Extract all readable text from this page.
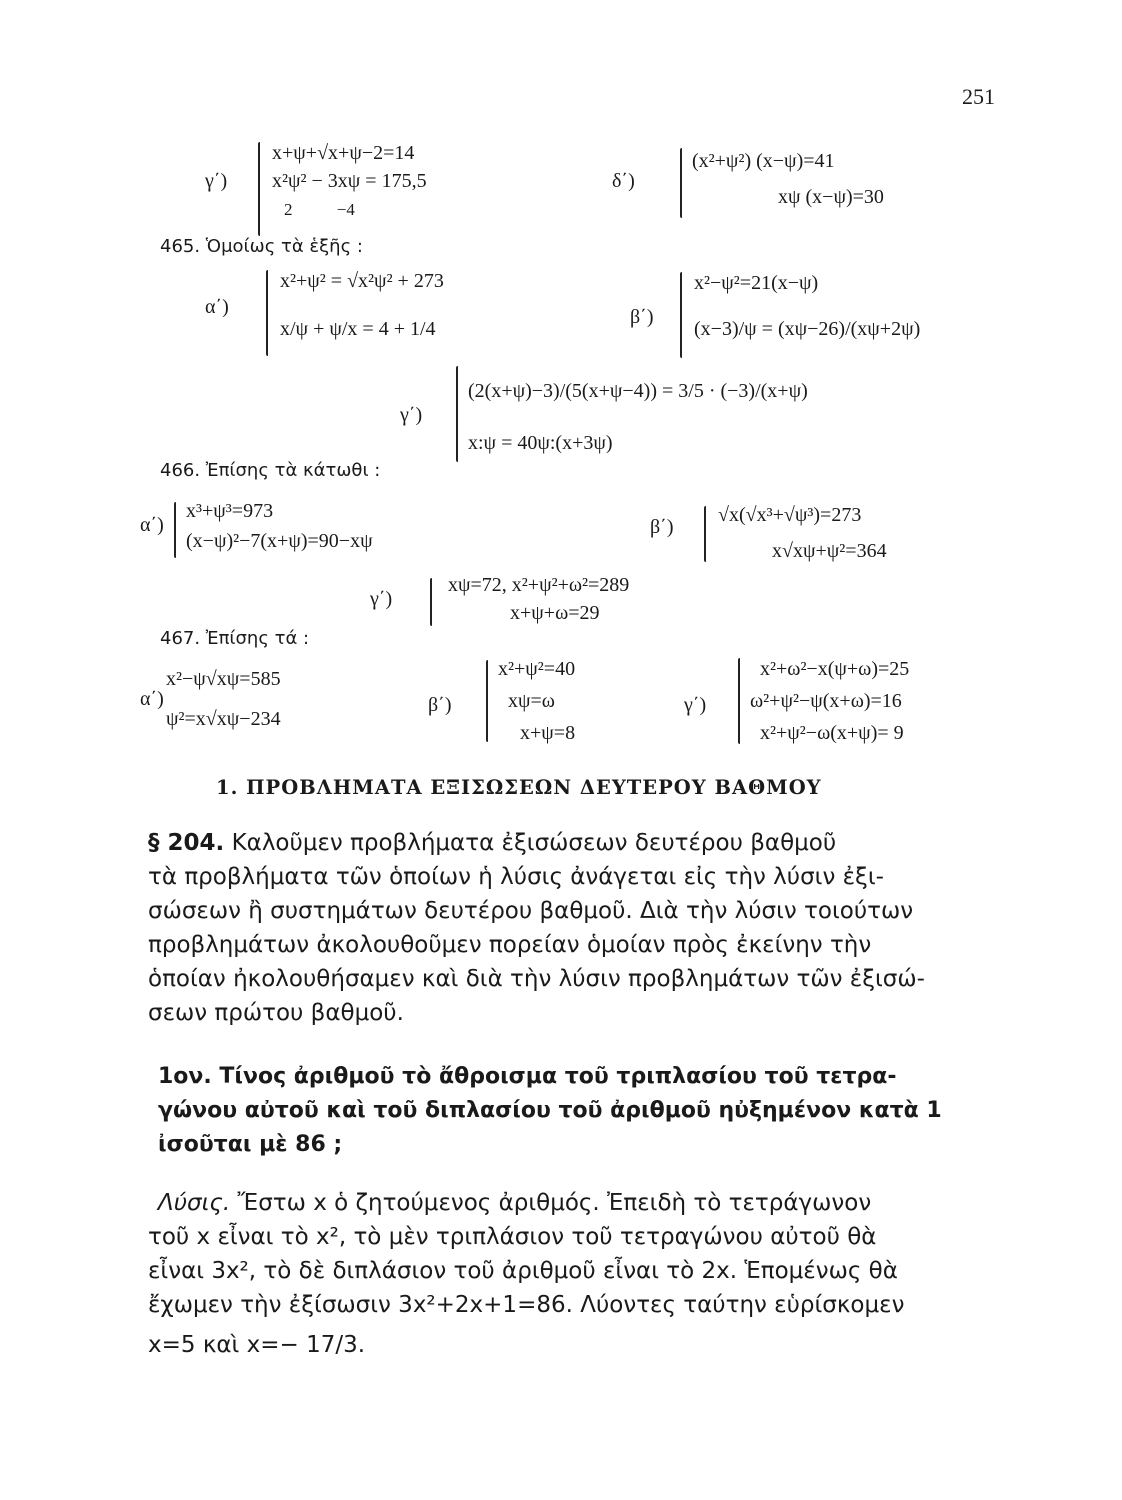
251
γ΄)
x+ψ+√x+ψ−2=14
x²ψ² − 3xψ = 175,5
2 −4
δ΄)
(x²+ψ²) (x−ψ)=41
xψ (x−ψ)=30
465. Ὁμοίως τὰ ἑξῆς :
α΄)
x²+ψ² = √x²ψ² + 273
x/ψ + ψ/x = 4 + 1/4
β΄)
x²−ψ²=21(x−ψ)
(x−3)/ψ = (xψ−26)/(xψ+2ψ)
γ΄)
(2(x+ψ)−3)/(5(x+ψ−4)) = 3/5 · (−3)/(x+ψ)
x:ψ = 40ψ:(x+3ψ)
466. Ἐπίσης τὰ κάτωθι :
α΄)
x³+ψ³=973
(x−ψ)²−7(x+ψ)=90−xψ
β΄)
√x(√x³+√ψ³)=273
x√xψ+ψ²=364
γ΄)
xψ=72, x²+ψ²+ω²=289
x+ψ+ω=29
467. Ἐπίσης τά :
α΄)
x²−ψ√xψ=585
ψ²=x√xψ−234
β΄)
x²+ψ²=40
xψ=ω
x+ψ=8
γ΄)
x²+ω²−x(ψ+ω)=25
ω²+ψ²−ψ(x+ω)=16
x²+ψ²−ω(x+ψ)= 9
1. ΠΡΟΒΛΗΜΑΤΑ ΕΞΙΣΩΣΕΩΝ ΔΕΥΤΕΡΟΥ ΒΑΘΜΟΥ
§ 204. Καλοῦμεν προβλήματα ἐξισώσεων δευτέρου βαθμοῦ
τὰ προβλήματα τῶν ὁποίων ἡ λύσις ἀνάγεται εἰς τὴν λύσιν ἐξι-
σώσεων ἢ συστημάτων δευτέρου βαθμοῦ. Διὰ τὴν λύσιν τοιούτων
προβλημάτων ἀκολουθοῦμεν πορείαν ὁμοίαν πρὸς ἐκείνην τὴν
ὁποίαν ἠκολουθήσαμεν καὶ διὰ τὴν λύσιν προβλημάτων τῶν ἐξισώ-
σεων πρώτου βαθμοῦ.
1ον. Τίνος ἀριθμοῦ τὸ ἄθροισμα τοῦ τριπλασίου τοῦ τετρα-
γώνου αὐτοῦ καὶ τοῦ διπλασίου τοῦ ἀριθμοῦ ηὐξημένον κατὰ 1
ἰσοῦται μὲ 86 ;
Λύσις. Ἔστω x ὁ ζητούμενος ἀριθμός. Ἐπειδὴ τὸ τετράγωνον
τοῦ x εἶναι τὸ x², τὸ μὲν τριπλάσιον τοῦ τετραγώνου αὐτοῦ θὰ
εἶναι 3x², τὸ δὲ διπλάσιον τοῦ ἀριθμοῦ εἶναι τὸ 2x. Ἑπομένως θὰ
ἔχωμεν τὴν ἐξίσωσιν 3x²+2x+1=86. Λύοντες ταύτην εὑρίσκομεν
x=5 καὶ x=− 17/3.
